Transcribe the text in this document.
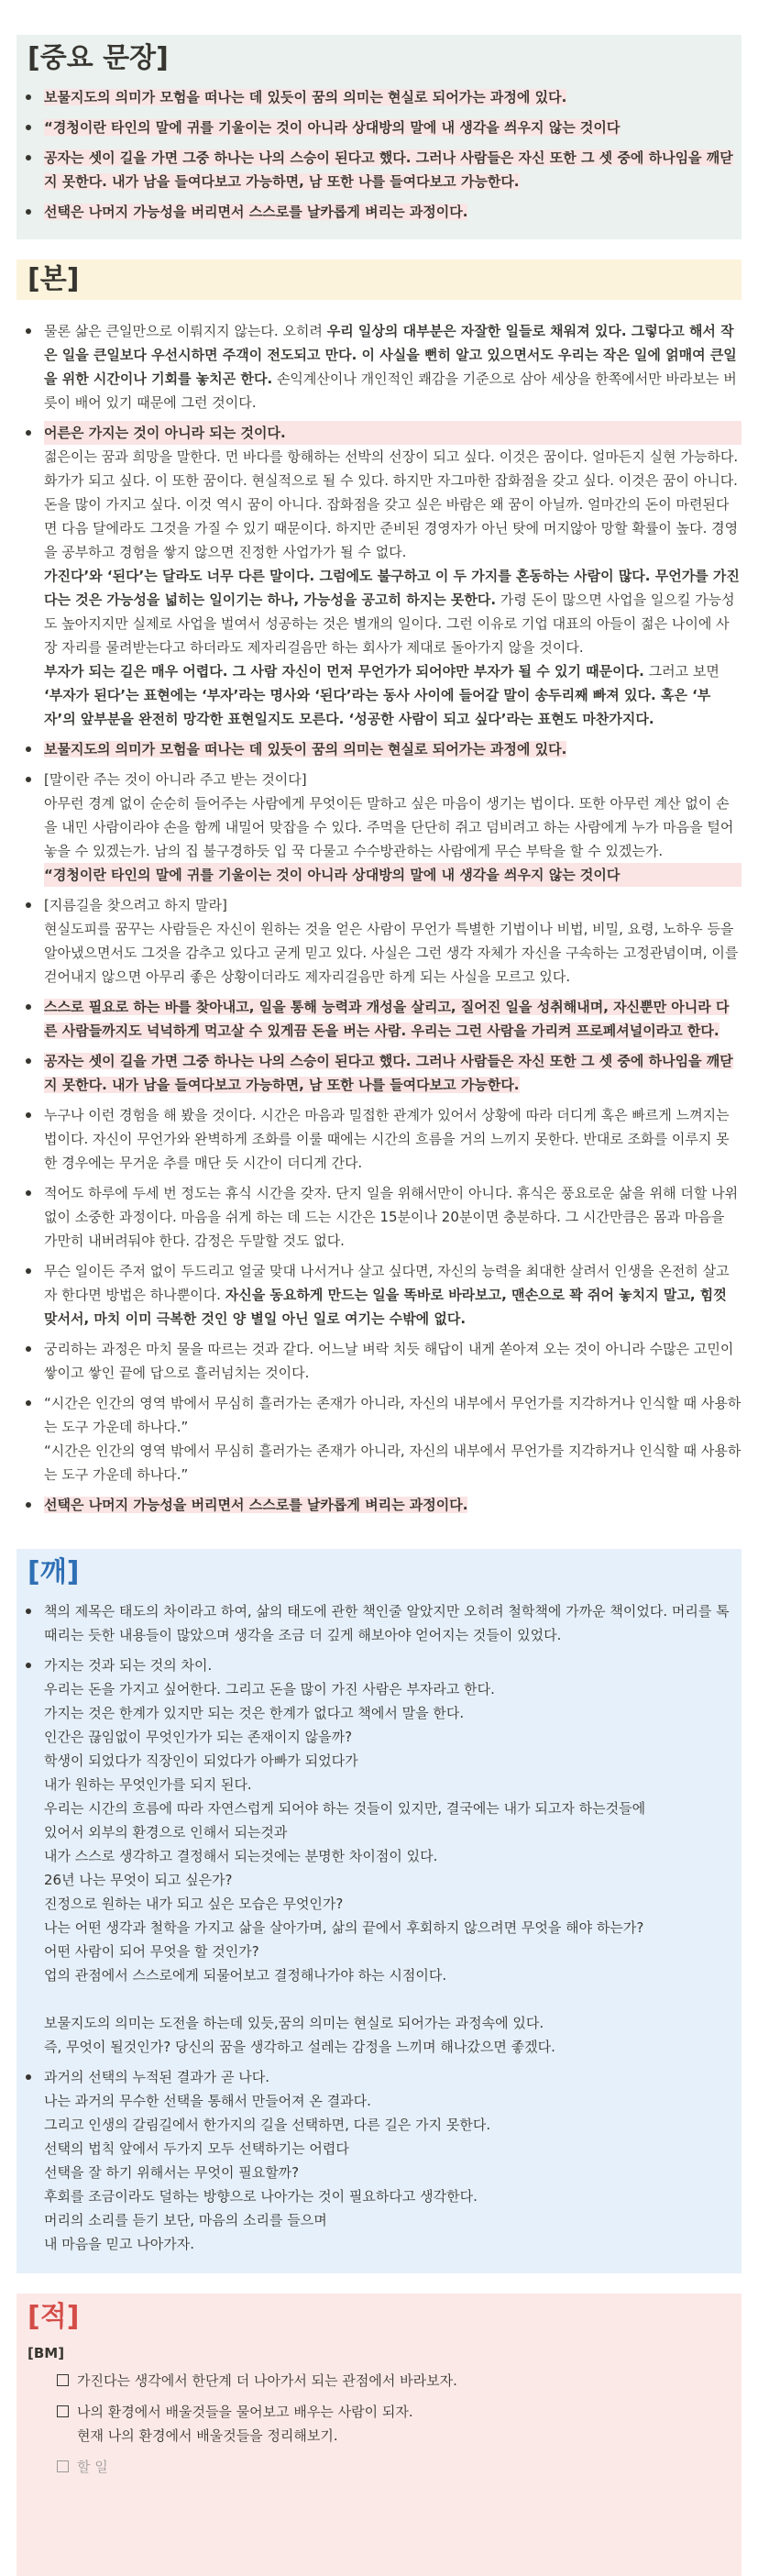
[중요 문장]
보물지도의 의미가 모험을 떠나는 데 있듯이 꿈의 의미는 현실로 되어가는 과정에 있다.
“경청이란 타인의 말에 귀를 기울이는 것이 아니라 상대방의 말에 내 생각을 씌우지 않는 것이다
공자는 셋이 길을 가면 그중 하나는 나의 스승이 된다고 했다. 그러나 사람들은 자신 또한 그 셋 중에 하나임을 깨닫지 못한다. 내가 남을 들여다보고 가능하면, 남 또한 나를 들여다보고 가능한다.
선택은 나머지 가능성을 버리면서 스스로를 날카롭게 벼리는 과정이다.
[본]
물론 삶은 큰일만으로 이뤄지지 않는다. 오히려 우리 일상의 대부분은 자잘한 일들로 채워져 있다. 그렇다고 해서 작은 일을 큰일보다 우선시하면 주객이 전도되고 만다. 이 사실을 뻔히 알고 있으면서도 우리는 작은 일에 얽매여 큰일을 위한 시간이나 기회를 놓치곤 한다. 손익계산이나 개인적인 쾌감을 기준으로 삼아 세상을 한쪽에서만 바라보는 버릇이 배어 있기 때문에 그런 것이다.
어른은 가지는 것이 아니라 되는 것이다.
젊은이는 꿈과 희망을 말한다. 먼 바다를 항해하는 선박의 선장이 되고 싶다. 이것은 꿈이다. 얼마든지 실현 가능하다. 화가가 되고 싶다. 이 또한 꿈이다. 현실적으로 될 수 있다. 하지만 자그마한 잡화점을 갖고 싶다. 이것은 꿈이 아니다. 돈을 많이 가지고 싶다. 이것 역시 꿈이 아니다. 잡화점을 갖고 싶은 바람은 왜 꿈이 아닐까. 얼마간의 돈이 마련된다면 다음 달에라도 그것을 가질 수 있기 때문이다. 하지만 준비된 경영자가 아닌 탓에 머지않아 망할 확률이 높다. 경영을 공부하고 경험을 쌓지 않으면 진정한 사업가가 될 수 없다.
가진다’와 ‘된다’는 달라도 너무 다른 말이다. 그럼에도 불구하고 이 두 가지를 혼동하는 사람이 많다. 무언가를 가진다는 것은 가능성을 넓히는 일이기는 하나, 가능성을 공고히 하지는 못한다. 가령 돈이 많으면 사업을 일으킬 가능성도 높아지지만 실제로 사업을 벌여서 성공하는 것은 별개의 일이다. 그런 이유로 기업 대표의 아들이 젊은 나이에 사장 자리를 물려받는다고 하더라도 제자리걸음만 하는 회사가 제대로 돌아가지 않을 것이다.
부자가 되는 길은 매우 어렵다. 그 사람 자신이 먼저 무언가가 되어야만 부자가 될 수 있기 때문이다. 그러고 보면 ‘부자가 된다’는 표현에는 ‘부자’라는 명사와 ‘된다’라는 동사 사이에 들어갈 말이 송두리째 빠져 있다. 혹은 ‘부자’의 앞부분을 완전히 망각한 표현일지도 모른다. ‘성공한 사람이 되고 싶다’라는 표현도 마찬가지다.
보물지도의 의미가 모험을 떠나는 데 있듯이 꿈의 의미는 현실로 되어가는 과정에 있다.
[말이란 주는 것이 아니라 주고 받는 것이다]
아무런 경계 없이 순순히 들어주는 사람에게 무엇이든 말하고 싶은 마음이 생기는 법이다. 또한 아무런 계산 없이 손을 내민 사람이라야 손을 함께 내밀어 맞잡을 수 있다. 주먹을 단단히 쥐고 덤비려고 하는 사람에게 누가 마음을 털어놓을 수 있겠는가. 남의 집 불구경하듯 입 꾹 다물고 수수방관하는 사람에게 무슨 부탁을 할 수 있겠는가.
“경청이란 타인의 말에 귀를 기울이는 것이 아니라 상대방의 말에 내 생각을 씌우지 않는 것이다
[지름길을 찾으려고 하지 말라]
현실도피를 꿈꾸는 사람들은 자신이 원하는 것을 얻은 사람이 무언가 특별한 기법이나 비법, 비밀, 요령, 노하우 등을 알아냈으면서도 그것을 감추고 있다고 굳게 믿고 있다. 사실은 그런 생각 자체가 자신을 구속하는 고정관념이며, 이를 걷어내지 않으면 아무리 좋은 상황이더라도 제자리걸음만 하게 되는 사실을 모르고 있다.
스스로 필요로 하는 바를 찾아내고, 일을 통해 능력과 개성을 살리고, 질어진 일을 성취해내며, 자신뿐만 아니라 다른 사람들까지도 넉넉하게 먹고살 수 있게끔 돈을 버는 사람. 우리는 그런 사람을 가리켜 프로페셔널이라고 한다.
공자는 셋이 길을 가면 그중 하나는 나의 스승이 된다고 했다. 그러나 사람들은 자신 또한 그 셋 중에 하나임을 깨닫지 못한다. 내가 남을 들여다보고 가능하면, 남 또한 나를 들여다보고 가능한다.
누구나 이런 경험을 해 봤을 것이다. 시간은 마음과 밀접한 관계가 있어서 상황에 따라 더디게 혹은 빠르게 느껴지는 법이다. 자신이 무언가와 완벽하게 조화를 이룰 때에는 시간의 흐름을 거의 느끼지 못한다. 반대로 조화를 이루지 못한 경우에는 무거운 추를 매단 듯 시간이 더디게 간다.
적어도 하루에 두세 번 정도는 휴식 시간을 갖자. 단지 일을 위해서만이 아니다. 휴식은 풍요로운 삶을 위해 더할 나위 없이 소중한 과정이다. 마음을 쉬게 하는 데 드는 시간은 15분이나 20분이면 충분하다. 그 시간만큼은 몸과 마음을 가만히 내버려둬야 한다. 감정은 두말할 것도 없다.
무슨 일이든 주저 없이 두드리고 얼굴 맞대 나서거나 살고 싶다면, 자신의 능력을 최대한 살려서 인생을 온전히 살고자 한다면 방법은 하나뿐이다. 자신을 동요하게 만드는 일을 똑바로 바라보고, 맨손으로 꽉 쥐어 놓치지 말고, 힘껏 맞서서, 마치 이미 극복한 것인 양 별일 아닌 일로 여기는 수밖에 없다.
궁리하는 과정은 마치 물을 따르는 것과 같다. 어느날 벼락 치듯 해답이 내게 쏟아져 오는 것이 아니라 수많은 고민이 쌓이고 쌓인 끝에 답으로 흘러넘치는 것이다.
“시간은 인간의 영역 밖에서 무심히 흘러가는 존재가 아니라, 자신의 내부에서 무언가를 지각하거나 인식할 때 사용하는 도구 가운데 하나다.”
“시간은 인간의 영역 밖에서 무심히 흘러가는 존재가 아니라, 자신의 내부에서 무언가를 지각하거나 인식할 때 사용하는 도구 가운데 하나다.”
선택은 나머지 가능성을 버리면서 스스로를 날카롭게 벼리는 과정이다.
[깨]
책의 제목은 태도의 차이라고 하여, 삶의 태도에 관한 책인줄 알았지만 오히려 철학책에 가까운 책이었다. 머리를 톡 때리는 듯한 내용들이 많았으며 생각을 조금 더 깊게 해보아야 얻어지는 것들이 있었다.
가지는 것과 되는 것의 차이.
우리는 돈을 가지고 싶어한다. 그리고 돈을 많이 가진 사람은 부자라고 한다.
가지는 것은 한계가 있지만 되는 것은 한계가 없다고 책에서 말을 한다.
인간은 끊임없이 무엇인가가 되는 존재이지 않을까?
학생이 되었다가 직장인이 되었다가 아빠가 되었다가
내가 원하는 무엇인가를 되지 된다.
우리는 시간의 흐름에 따라 자연스럽게 되어야 하는 것들이 있지만, 결국에는 내가 되고자 하는것들에
있어서 외부의 환경으로 인해서 되는것과
내가 스스로 생각하고 결정해서 되는것에는 분명한 차이점이 있다.
26년 나는 무엇이 되고 싶은가?
진정으로 원하는 내가 되고 싶은 모습은 무엇인가?
나는 어떤 생각과 철학을 가지고 삶을 살아가며, 삶의 끝에서 후회하지 않으려면 무엇을 해야 하는가?
어떤 사람이 되어 무엇을 할 것인가?
업의 관점에서 스스로에게 되물어보고 결정해나가야 하는 시점이다.
보물지도의 의미는 도전을 하는데 있듯,꿈의 의미는 현실로 되어가는 과정속에 있다.
즉, 무엇이 될것인가? 당신의 꿈을 생각하고 설레는 감정을 느끼며 해나갔으면 좋겠다.
과거의 선택의 누적된 결과가 곧 나다.
나는 과거의 무수한 선택을 통해서 만들어져 온 결과다.
그리고 인생의 갈림길에서 한가지의 길을 선택하면, 다른 길은 가지 못한다.
선택의 법칙 앞에서 두가지 모두 선택하기는 어렵다
선택을 잘 하기 위해서는 무엇이 필요할까?
후회를 조금이라도 덜하는 방향으로 나아가는 것이 필요하다고 생각한다.
머리의 소리를 듣기 보단, 마음의 소리를 들으며
내 마음을 믿고 나아가자.
[적]
[BM]
가진다는 생각에서 한단계 더 나아가서 되는 관점에서 바라보자.
나의 환경에서 배울것들을 물어보고 배우는 사람이 되자.
현재 나의 환경에서 배울것들을 정리해보기.
할 일
